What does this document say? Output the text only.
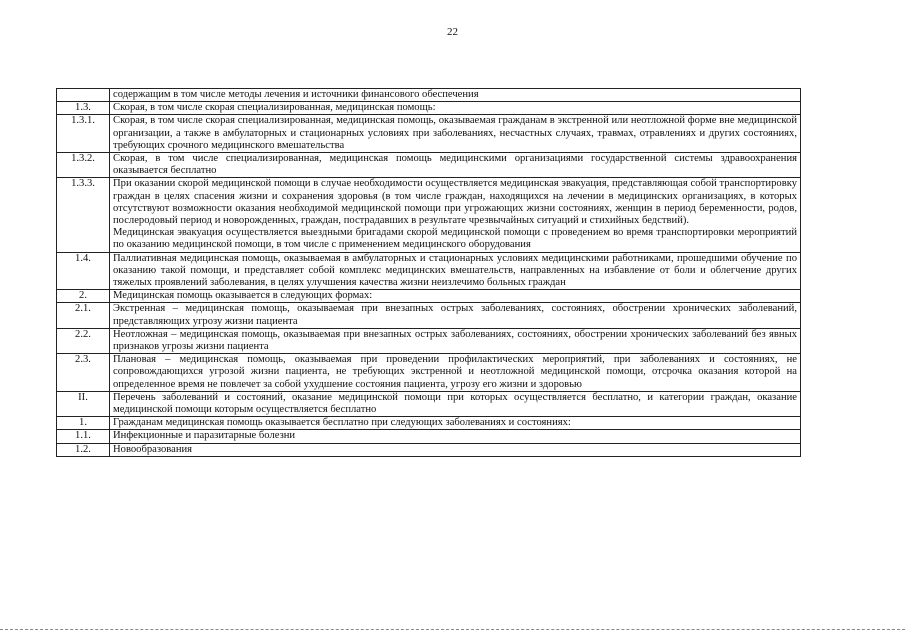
22

	содержащим в том числе методы лечения и источники финансового обеспечения

1.3.	Скорая, в том числе скорая специализированная, медицинская помощь:

1.3.1.	Скорая, в том числе скорая специализированная, медицинская помощь, оказываемая гражданам в экстренной или неотложной форме вне медицинской организации, а также в амбулаторных и стационарных условиях при заболеваниях, несчастных случаях, травмах, отравлениях и других состояниях, требующих срочного медицинского вмешательства

1.3.2.	Скорая, в том числе специализированная, медицинская помощь медицинскими организациями государственной системы здравоохранения оказывается бесплатно

1.3.3.	При оказании скорой медицинской помощи в случае необходимости осуществляется медицинская эвакуация, представляющая собой транспортировку граждан в целях спасения жизни и сохранения здоровья (в том числе граждан, находящихся на лечении в медицинских организациях, в которых отсутствуют возможности оказания необходимой медицинской помощи при угрожающих жизни состояниях, женщин в период беременности, родов, послеродовый период и новорожденных, граждан, пострадавших в результате чрезвычайных ситуаций и стихийных бедствий).
Медицинская эвакуация осуществляется выездными бригадами скорой медицинской помощи с проведением во время транспортировки мероприятий по оказанию медицинской помощи, в том числе с применением медицинского оборудования

1.4.	Паллиативная медицинская помощь, оказываемая в амбулаторных и стационарных условиях медицинскими работниками, прошедшими обучение по оказанию такой помощи, и представляет собой комплекс медицинских вмешательств, направленных на избавление от боли и облегчение других тяжелых проявлений заболевания, в целях улучшения качества жизни неизлечимо больных граждан

2.	Медицинская помощь оказывается в следующих формах:

2.1.	Экстренная – медицинская помощь, оказываемая при внезапных острых заболеваниях, состояниях, обострении хронических заболеваний, представляющих угрозу жизни пациента

2.2.	Неотложная – медицинская помощь, оказываемая при внезапных острых заболеваниях, состояниях, обострении хронических заболеваний без явных признаков угрозы жизни пациента

2.3.	Плановая – медицинская помощь, оказываемая при проведении профилактических мероприятий, при заболеваниях и состояниях, не сопровождающихся угрозой жизни пациента, не требующих экстренной и неотложной медицинской помощи, отсрочка оказания которой на определенное время не повлечет за собой ухудшение состояния пациента, угрозу его жизни и здоровью

II.	Перечень заболеваний и состояний, оказание медицинской помощи при которых осуществляется бесплатно, и категории граждан, оказание медицинской помощи которым осуществляется бесплатно

1.	Гражданам медицинская помощь оказывается бесплатно при следующих заболеваниях и состояниях:

1.1.	Инфекционные и паразитарные болезни

1.2.	Новообразования
